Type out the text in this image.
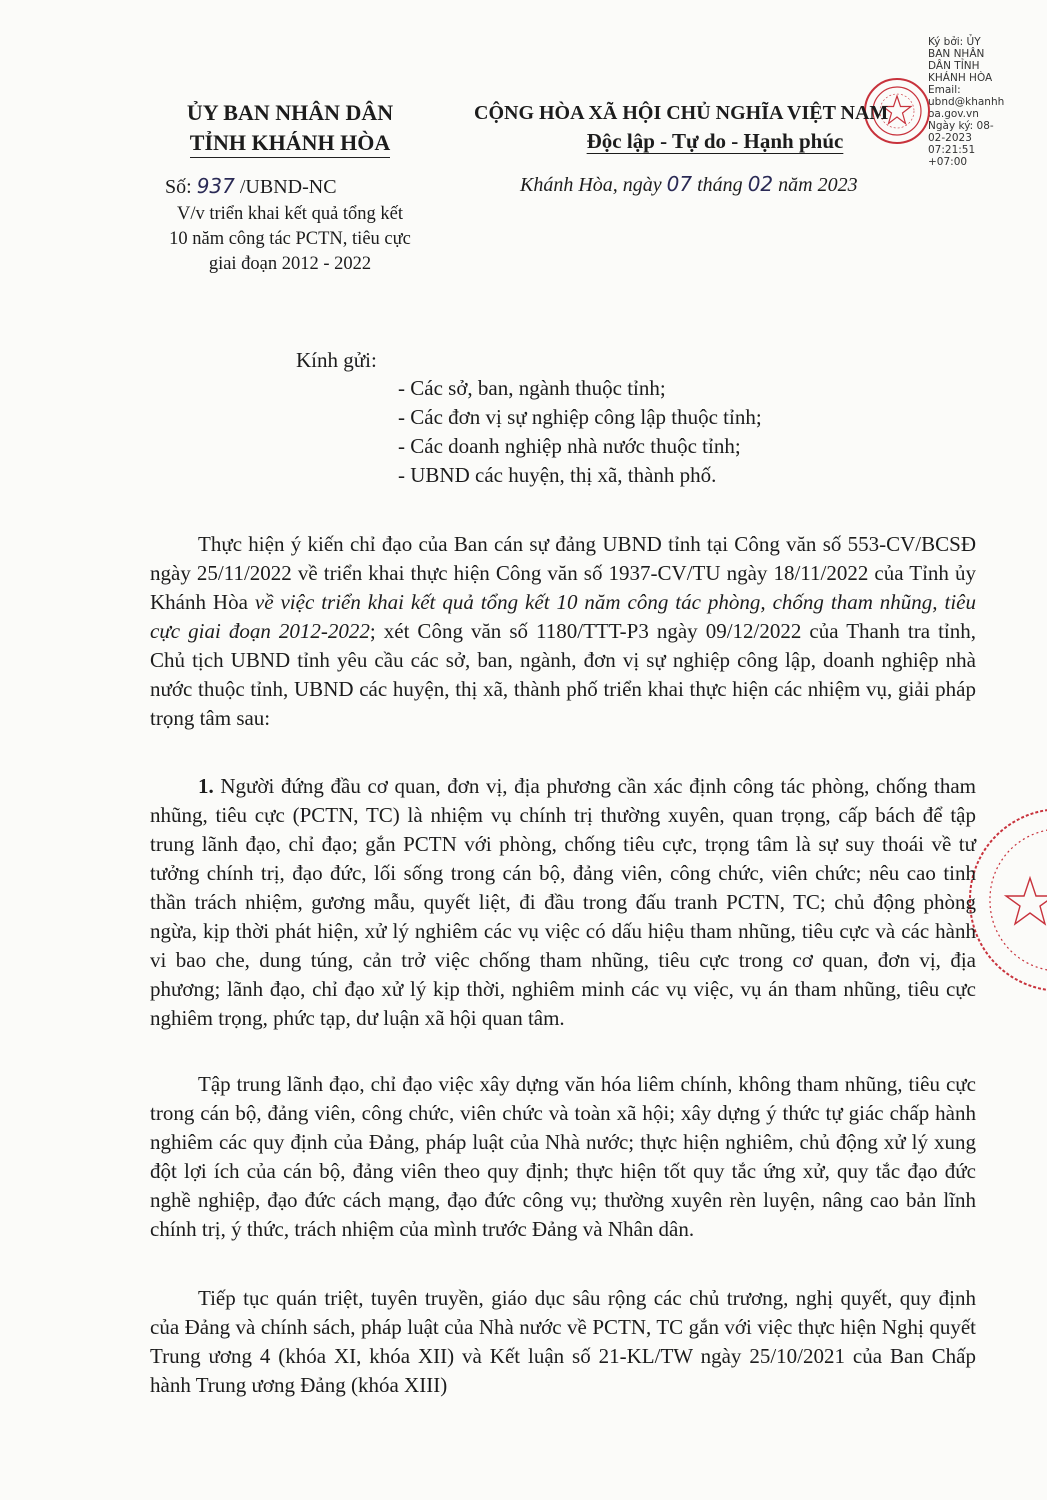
Ký bởi: ỦY
BAN NHÂN
DÂN TỈNH
KHÁNH HÒA
Email:
ubnd@khanhh
oa.gov.vn
Ngày ký: 08-
02-2023
07:21:51
+07:00
ỦY BAN NHÂN DÂN
TỈNH KHÁNH HÒA
Số: 937 /UBND-NC
V/v triển khai kết quả tổng kết
10 năm công tác PCTN, tiêu cực
giai đoạn 2012 - 2022
CỘNG HÒA XÃ HỘI CHỦ NGHĨA VIỆT NAM
Độc lập - Tự do - Hạnh phúc
Khánh Hòa, ngày 07 tháng 02 năm 2023
Kính gửi:
- Các sở, ban, ngành thuộc tỉnh;
- Các đơn vị sự nghiệp công lập thuộc tỉnh;
- Các doanh nghiệp nhà nước thuộc tỉnh;
- UBND các huyện, thị xã, thành phố.
Thực hiện ý kiến chỉ đạo của Ban cán sự đảng UBND tỉnh tại Công văn số 553-CV/BCSĐ ngày 25/11/2022 về triển khai thực hiện Công văn số 1937-CV/TU ngày 18/11/2022 của Tỉnh ủy Khánh Hòa về việc triển khai kết quả tổng kết 10 năm công tác phòng, chống tham nhũng, tiêu cực giai đoạn 2012-2022; xét Công văn số 1180/TTT-P3 ngày 09/12/2022 của Thanh tra tỉnh, Chủ tịch UBND tỉnh yêu cầu các sở, ban, ngành, đơn vị sự nghiệp công lập, doanh nghiệp nhà nước thuộc tỉnh, UBND các huyện, thị xã, thành phố triển khai thực hiện các nhiệm vụ, giải pháp trọng tâm sau:
1. Người đứng đầu cơ quan, đơn vị, địa phương cần xác định công tác phòng, chống tham nhũng, tiêu cực (PCTN, TC) là nhiệm vụ chính trị thường xuyên, quan trọng, cấp bách để tập trung lãnh đạo, chỉ đạo; gắn PCTN với phòng, chống tiêu cực, trọng tâm là sự suy thoái về tư tưởng chính trị, đạo đức, lối sống trong cán bộ, đảng viên, công chức, viên chức; nêu cao tinh thần trách nhiệm, gương mẫu, quyết liệt, đi đầu trong đấu tranh PCTN, TC; chủ động phòng ngừa, kịp thời phát hiện, xử lý nghiêm các vụ việc có dấu hiệu tham nhũng, tiêu cực và các hành vi bao che, dung túng, cản trở việc chống tham nhũng, tiêu cực trong cơ quan, đơn vị, địa phương; lãnh đạo, chỉ đạo xử lý kịp thời, nghiêm minh các vụ việc, vụ án tham nhũng, tiêu cực nghiêm trọng, phức tạp, dư luận xã hội quan tâm.
Tập trung lãnh đạo, chỉ đạo việc xây dựng văn hóa liêm chính, không tham nhũng, tiêu cực trong cán bộ, đảng viên, công chức, viên chức và toàn xã hội; xây dựng ý thức tự giác chấp hành nghiêm các quy định của Đảng, pháp luật của Nhà nước; thực hiện nghiêm, chủ động xử lý xung đột lợi ích của cán bộ, đảng viên theo quy định; thực hiện tốt quy tắc ứng xử, quy tắc đạo đức nghề nghiệp, đạo đức cách mạng, đạo đức công vụ; thường xuyên rèn luyện, nâng cao bản lĩnh chính trị, ý thức, trách nhiệm của mình trước Đảng và Nhân dân.
Tiếp tục quán triệt, tuyên truyền, giáo dục sâu rộng các chủ trương, nghị quyết, quy định của Đảng và chính sách, pháp luật của Nhà nước về PCTN, TC gắn với việc thực hiện Nghị quyết Trung ương 4 (khóa XI, khóa XII) và Kết luận số 21-KL/TW ngày 25/10/2021 của Ban Chấp hành Trung ương Đảng (khóa XIII)
